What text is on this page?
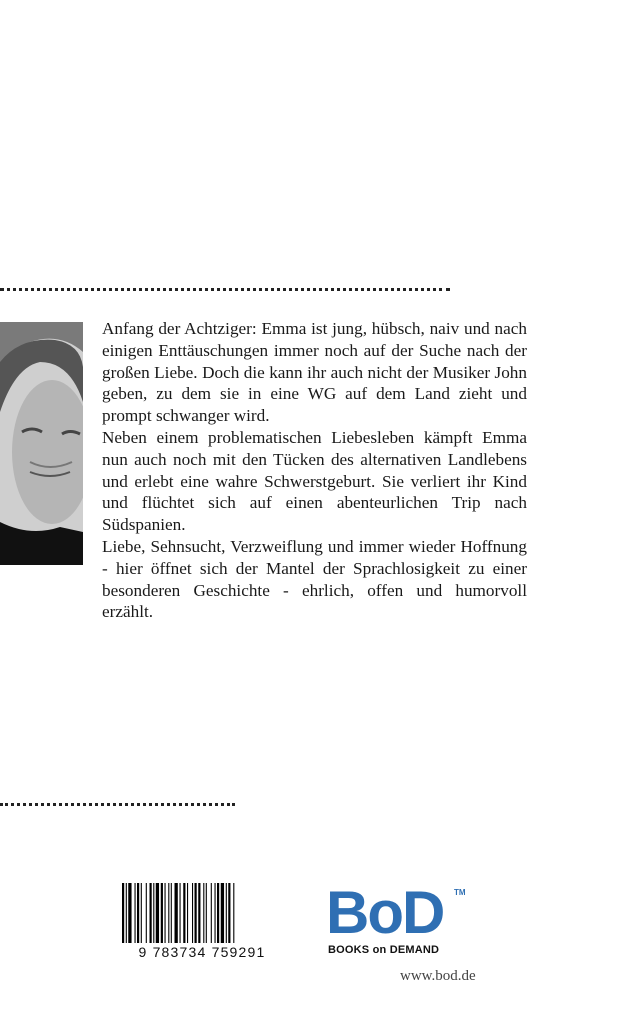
Anfang der Achtziger: Emma ist jung, hübsch, naiv und nach einigen Enttäuschungen immer noch auf der Suche nach der großen Liebe. Doch die kann ihr auch nicht der Musiker John geben, zu dem sie in eine WG auf dem Land zieht und prompt schwanger wird.

Neben einem problematischen Liebesleben kämpft Emma nun auch noch mit den Tücken des alternativen Landlebens und erlebt eine wahre Schwerstgeburt. Sie verliert ihr Kind und flüchtet sich auf einen abenteurlichen Trip nach Südspanien.

Liebe, Sehnsucht, Verzweiflung und immer wieder Hoffnung - hier öffnet sich der Mantel der Sprachlosigkeit zu einer besonderen Geschichte - ehrlich, offen und humorvoll erzählt.

9 783734 759291
BoD TM
BOOKS on DEMAND
www.bod.de
